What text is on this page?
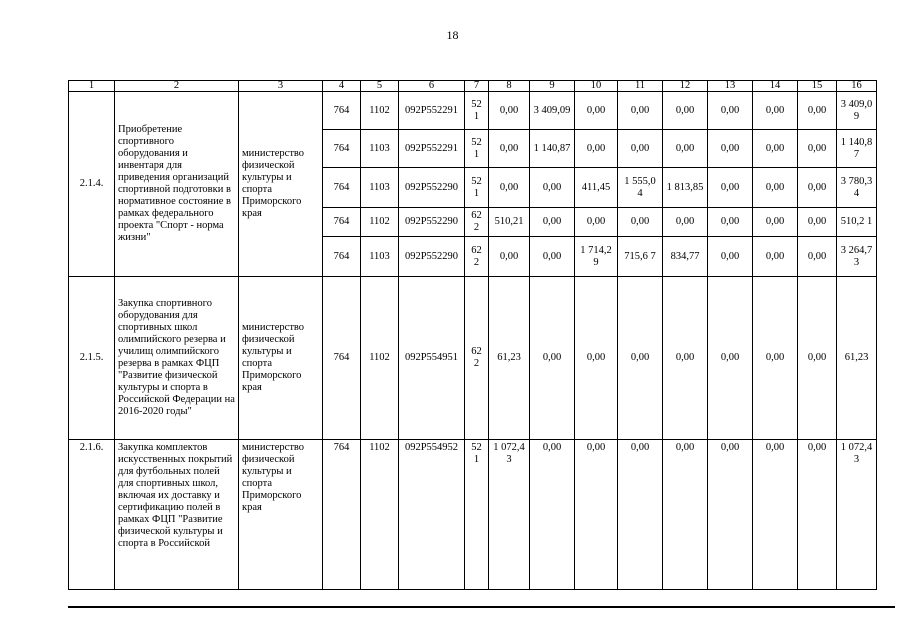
18
1	2	3	4	5	6	7	8	9	10	11	12	13	14	15	16
2.1.4.	Приобретение спортивного оборудования и инвентаря для приведения организаций спортивной подготовки в нормативное состояние в рамках федерального проекта "Спорт - норма жизни"	министерство физической культуры и спорта Приморского края	764	1102	092P552291	52 1	0,00	3 409,09	0,00	0,00	0,00	0,00	0,00	0,00	3 409,0 9
			764	1103	092P552291	52 1	0,00	1 140,87	0,00	0,00	0,00	0,00	0,00	0,00	1 140,8 7
			764	1103	092P552290	52 1	0,00	0,00	411,45	1 555,0 4	1 813,85	0,00	0,00	0,00	3 780,3 4
			764	1102	092P552290	62 2	510,21	0,00	0,00	0,00	0,00	0,00	0,00	0,00	510,2 1
			764	1103	092P552290	62 2	0,00	0,00	1 714,29	715,6 7	834,77	0,00	0,00	0,00	3 264,7 3
2.1.5.	Закупка спортивного оборудования для спортивных школ олимпийского резерва и училищ олимпийского резерва в рамках ФЦП "Развитие физической культуры и спорта в Российской Федерации на 2016-2020 годы"	министерство физической культуры и спорта Приморского края	764	1102	092P554951	62 2	61,23	0,00	0,00	0,00	0,00	0,00	0,00	0,00	61,23
2.1.6.	Закупка комплектов искусственных покрытий для футбольных полей для спортивных школ, включая их доставку и сертификацию полей в рамках ФЦП "Развитие физической культуры и спорта в Российской	министерство физической культуры и спорта Приморского края	764	1102	092P554952	52 1	1 072,43	0,00	0,00	0,00	0,00	0,00	0,00	0,00	1 072,4 3
